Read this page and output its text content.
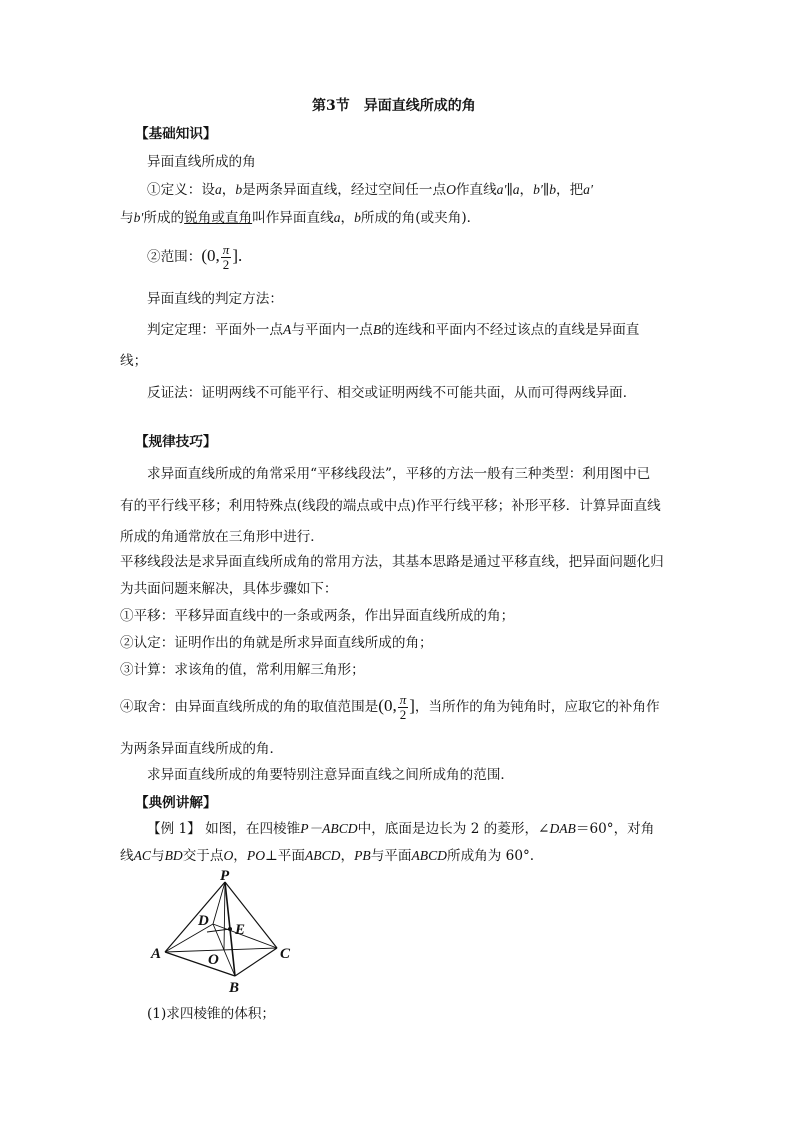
第3节　异面直线所成的角
【基础知识】
异面直线所成的角
①定义：设a，b是两条异面直线，经过空间任一点O作直线a′∥a，b′∥b，把a′
与b′所成的锐角或直角叫作异面直线a，b所成的角(或夹角)．
②范围：(0, $\frac{\pi}{2}$ ].
异面直线的判定方法：
判定定理：平面外一点A与平面内一点B的连线和平面内不经过该点的直线是异面直
线；
反证法：证明两线不可能平行、相交或证明两线不可能共面，从而可得两线异面．
【规律技巧】
求异面直线所成的角常采用“平移线段法”，平移的方法一般有三种类型：利用图中已
有的平行线平移；利用特殊点(线段的端点或中点)作平行线平移；补形平移．计算异面直线
所成的角通常放在三角形中进行．
平移线段法是求异面直线所成角的常用方法，其基本思路是通过平移直线，把异面问题化归
为共面问题来解决，具体步骤如下：
①平移：平移异面直线中的一条或两条，作出异面直线所成的角；
②认定：证明作出的角就是所求异面直线所成的角；
③计算：求该角的值，常利用解三角形；
④取舍：由异面直线所成的角的取值范围是(0, $\frac{\pi}{2}$ ]，当所作的角为钝角时，应取它的补角作
为两条异面直线所成的角．
求异面直线所成的角要特别注意异面直线之间所成角的范围．
【典例讲解】
【例 1】 如图，在四棱锥P－ABCD中，底面是边长为 2 的菱形，∠DAB＝60°，对角
线AC与BD交于点O，PO⊥平面ABCD，PB与平面ABCD所成角为 60°.
P
A
B
C
D
E
O
(1)求四棱锥的体积；
